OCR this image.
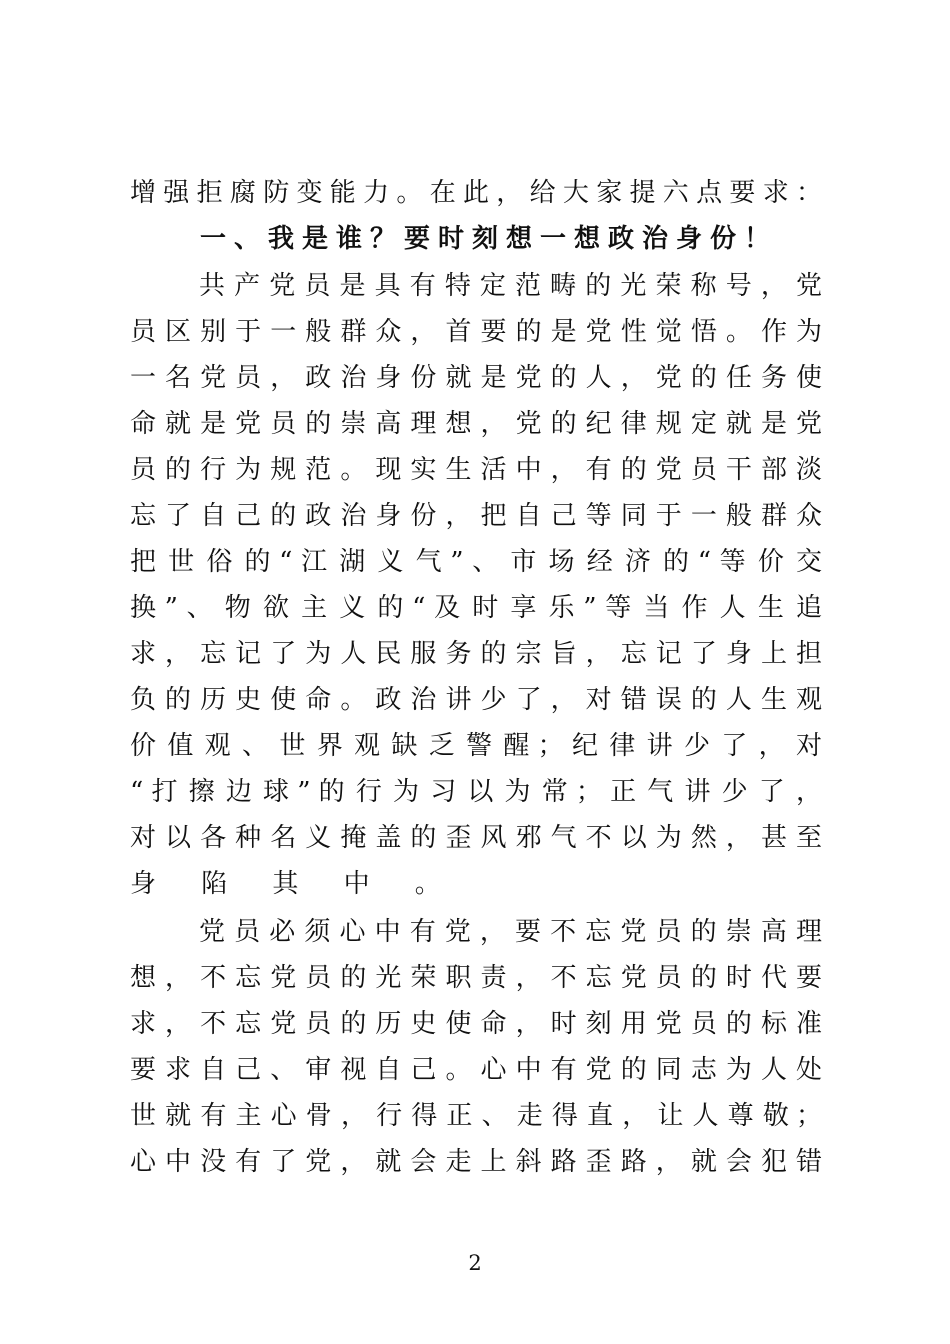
增 强 拒 腐 防 变 能 力 。 在 此 ， 给 大 家 提 六 点 要 求 ：
一 、 我 是 谁 ？ 要 时 刻 想 一 想 政 治 身 份 ！
共 产 党 员 是 具 有 特 定 范 畴 的 光 荣 称 号 ， 党
员 区 别 于 一 般 群 众 ， 首 要 的 是 党 性 觉 悟 。 作 为
一 名 党 员 ， 政 治 身 份 就 是 党 的 人 ， 党 的 任 务 使
命 就 是 党 员 的 崇 高 理 想 ， 党 的 纪 律 规 定 就 是 党
员 的 行 为 规 范 。 现 实 生 活 中 ， 有 的 党 员 干 部 淡
忘 了 自 己 的 政 治 身 份 ， 把 自 己 等 同 于 一 般 群 众
把 世 俗 的 “ 江 湖 义 气 ” 、 市 场 经 济 的 “ 等 价 交
换 ” 、 物 欲 主 义 的 “ 及 时 享 乐 ” 等 当 作 人 生 追
求 ， 忘 记 了 为 人 民 服 务 的 宗 旨 ， 忘 记 了 身 上 担
负 的 历 史 使 命 。 政 治 讲 少 了 ， 对 错 误 的 人 生 观
价 值 观 、 世 界 观 缺 乏 警 醒 ； 纪 律 讲 少 了 ， 对
“ 打 擦 边 球 ” 的 行 为 习 以 为 常 ； 正 气 讲 少 了 ，
对 以 各 种 名 义 掩 盖 的 歪 风 邪 气 不 以 为 然 ， 甚 至
身 陷 其 中 。
党 员 必 须 心 中 有 党 ， 要 不 忘 党 员 的 崇 高 理
想 ， 不 忘 党 员 的 光 荣 职 责 ， 不 忘 党 员 的 时 代 要
求 ， 不 忘 党 员 的 历 史 使 命 ， 时 刻 用 党 员 的 标 准
要 求 自 己 、 审 视 自 己 。 心 中 有 党 的 同 志 为 人 处
世 就 有 主 心 骨 ， 行 得 正 、 走 得 直 ， 让 人 尊 敬 ；
心 中 没 有 了 党 ， 就 会 走 上 斜 路 歪 路 ， 就 会 犯 错
2
